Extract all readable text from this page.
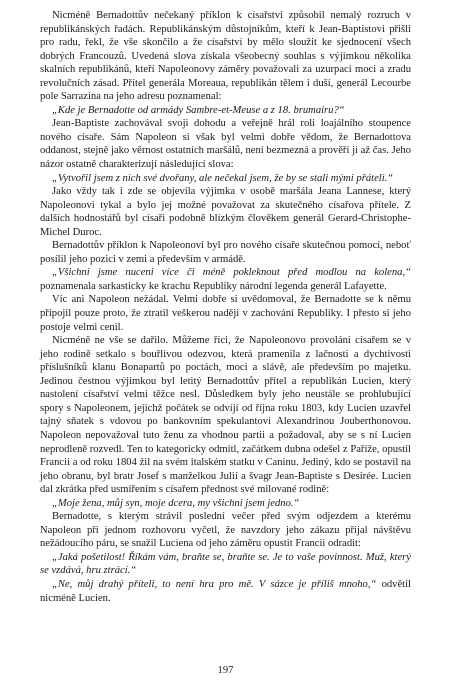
Nicméně Bernadottův nečekaný příklon k císařství způsobil nemalý rozruch v republikánských řadách. Republikánským důstojníkům, kteří k Jean-Baptistovi přišli pro radu, řekl, že vše skončilo a že císařství by mělo sloužit ke sjednocení všech dobrých Francouzů. Uvedená slova získala všeobecný souhlas s výjimkou několika skalních republikánů, kteří Napoleonovy záměry považovali za uzurpaci moci a zradu revolučních zásad. Přítel generála Moreaua, republikán tělem i duší, generál Lecourbe pole Sarrazina na jeho adresu poznamenal:

„Kde je Bernadotte od armády Sambre-et-Meuse a z 18. brumairu?“

Jean-Baptiste zachovával svoji dohodu a veřejně hrál roli loajálního stoupence nového císaře. Sám Napoleon si však byl velmi dobře vědom, že Bernadottova oddanost, stejně jako věrnost ostatních maršálů, není bezmezná a prověří ji až čas. Jeho názor ostatně charakterizují následující slova:

„Vytvořil jsem z nich své dvořany, ale nečekal jsem, že by se stali mými přáteli.“

Jako vždy tak i zde se objevila výjimka v osobě maršála Jeana Lannese, který Napoleonovi tykal a bylo jej možné považovat za skutečného císařova přítele. Z dalších hodnostářů byl císaři podobně blízkým člověkem generál Gerard-Christophe-Michel Duroc.

Bernadottův příklon k Napoleonovi byl pro nového císaře skutečnou pomocí, neboť posílil jeho pozici v zemi a především v armádě.

„Všichni jsme nuceni více či méně pokleknout před modlou na kolena,“ poznamenala sarkasticky ke krachu Republiky národní legenda generál Lafayette.

Víc ani Napoleon nežádal. Velmi dobře si uvědomoval, že Bernadotte se k němu připojil pouze proto, že ztratil veškerou naději v zachování Republiky. I přesto si jeho postoje velmi cenil.

Nicméně ne vše se dařilo. Můžeme říci, že Napoleonovo provolání císařem se v jeho rodině setkalo s bouřlivou odezvou, která pramenila z lačnosti a dychtivosti příslušníků klanu Bonapartů po poctách, moci a slávě, ale především po majetku. Jedinou čestnou výjimkou byl letitý Bernadottův přítel a republikán Lucien, který nastolení císařství velmi těžce nesl. Důsledkem byly jeho neustále se prohlubující spory s Napoleonem, jejichž počátek se odvíjí od října roku 1803, kdy Lucien uzavřel tajný sňatek s vdovou po bankovním spekulantovi Alexandrinou Jouberthonovou. Napoleon nepovažoval tuto ženu za vhodnou partii a požadoval, aby se s ní Lucien neprodleně rozvedl. Ten to kategoricky odmítl, začátkem dubna odešel z Paříže, opustil Francii a od roku 1804 žil na svém italském statku v Caninu. Jediný, kdo se postavil na jeho obranu, byl bratr Josef s manželkou Julií a švagr Jean-Baptiste s Desirée. Lucien dal zkrátka před usmířením s císařem přednost své milované rodině:

„Moje žena, můj syn, moje dcera, my všichni jsem jedno.“

Bernadotte, s kterým strávil poslední večer před svým odjezdem a kterému Napoleon při jednom rozhovoru vyčetl, že navzdory jeho zákazu přijal návštěvu nežádoucího páru, se snažil Luciena od jeho záměru opustit Francii odradit:

„Jaká pošetilost! Říkám vám, braňte se, braňte se. Je to vaše povinnost. Muž, který se vzdává, hru ztrácí.“

„Ne, můj drahý příteli, to není hra pro mě. V sázce je příliš mnoho,“ odvětil nicméně Lucien.

197
